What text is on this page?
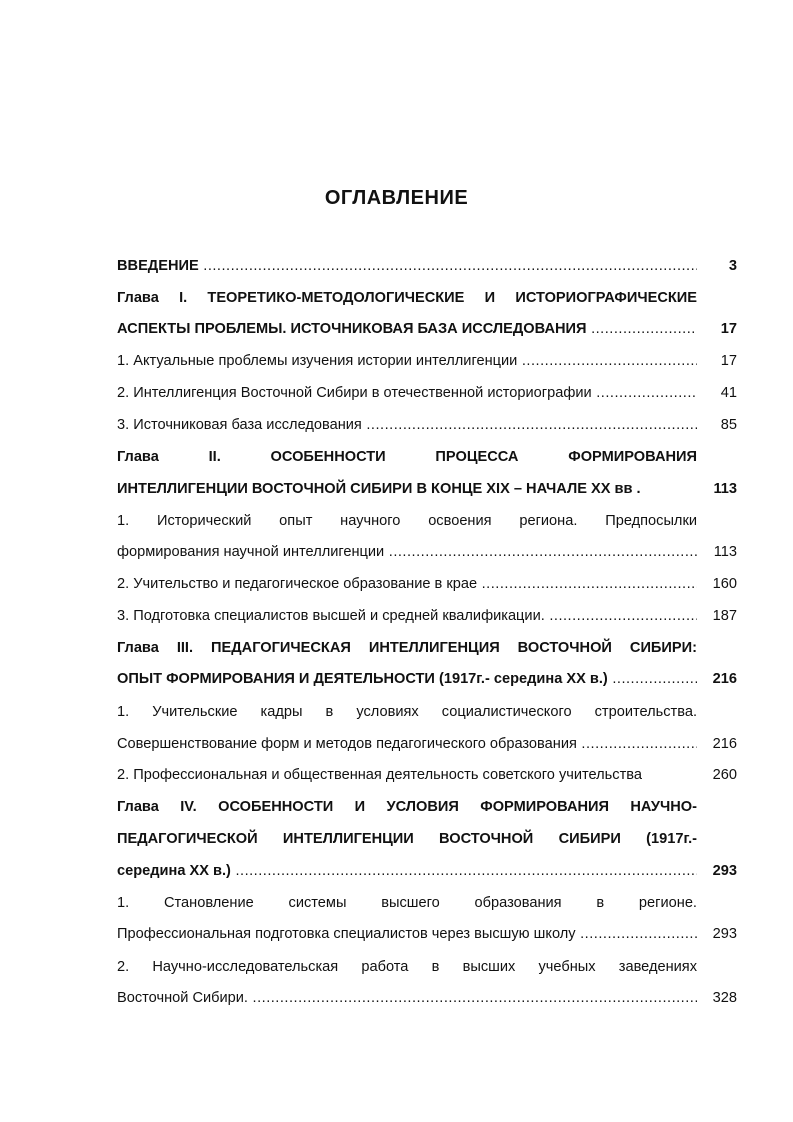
ОГЛАВЛЕНИЕ
ВВЕДЕНИЕ .....	3
Глава I. ТЕОРЕТИКО-МЕТОДОЛОГИЧЕСКИЕ И ИСТОРИОГРАФИЧЕСКИЕ
АСПЕКТЫ ПРОБЛЕМЫ. ИСТОЧНИКОВАЯ БАЗА ИССЛЕДОВАНИЯ .....	17
1. Актуальные проблемы изучения истории интеллигенции .....	17
2. Интеллигенция Восточной Сибири в отечественной историографии .....	41
3. Источниковая база исследования .....	85
Глава II. ОСОБЕННОСТИ ПРОЦЕССА ФОРМИРОВАНИЯ
ИНТЕЛЛИГЕНЦИИ ВОСТОЧНОЙ СИБИРИ В КОНЦЕ XIX – НАЧАЛЕ XX вв .	113
1. Исторический опыт научного освоения региона. Предпосылки
формирования научной интеллигенции .....	113
2. Учительство и педагогическое образование в крае .....	160
3. Подготовка специалистов высшей и средней квалификации. .....	187
Глава III. ПЕДАГОГИЧЕСКАЯ ИНТЕЛЛИГЕНЦИЯ ВОСТОЧНОЙ СИБИРИ:
ОПЫТ ФОРМИРОВАНИЯ И ДЕЯТЕЛЬНОСТИ (1917г.- середина XX в.) .....	216
1. Учительские кадры в условиях социалистического строительства.
Совершенствование форм и методов педагогического образования .....	216
2. Профессиональная и общественная деятельность советского учительства	260
Глава IV. ОСОБЕННОСТИ И УСЛОВИЯ ФОРМИРОВАНИЯ НАУЧНО-
ПЕДАГОГИЧЕСКОЙ ИНТЕЛЛИГЕНЦИИ ВОСТОЧНОЙ СИБИРИ (1917г.-
середина XX в.) .....	293
1. Становление системы высшего образования в регионе.
Профессиональная подготовка специалистов через высшую школу .....	293
2. Научно-исследовательская работа в высших учебных заведениях
Восточной Сибири. .....	328
